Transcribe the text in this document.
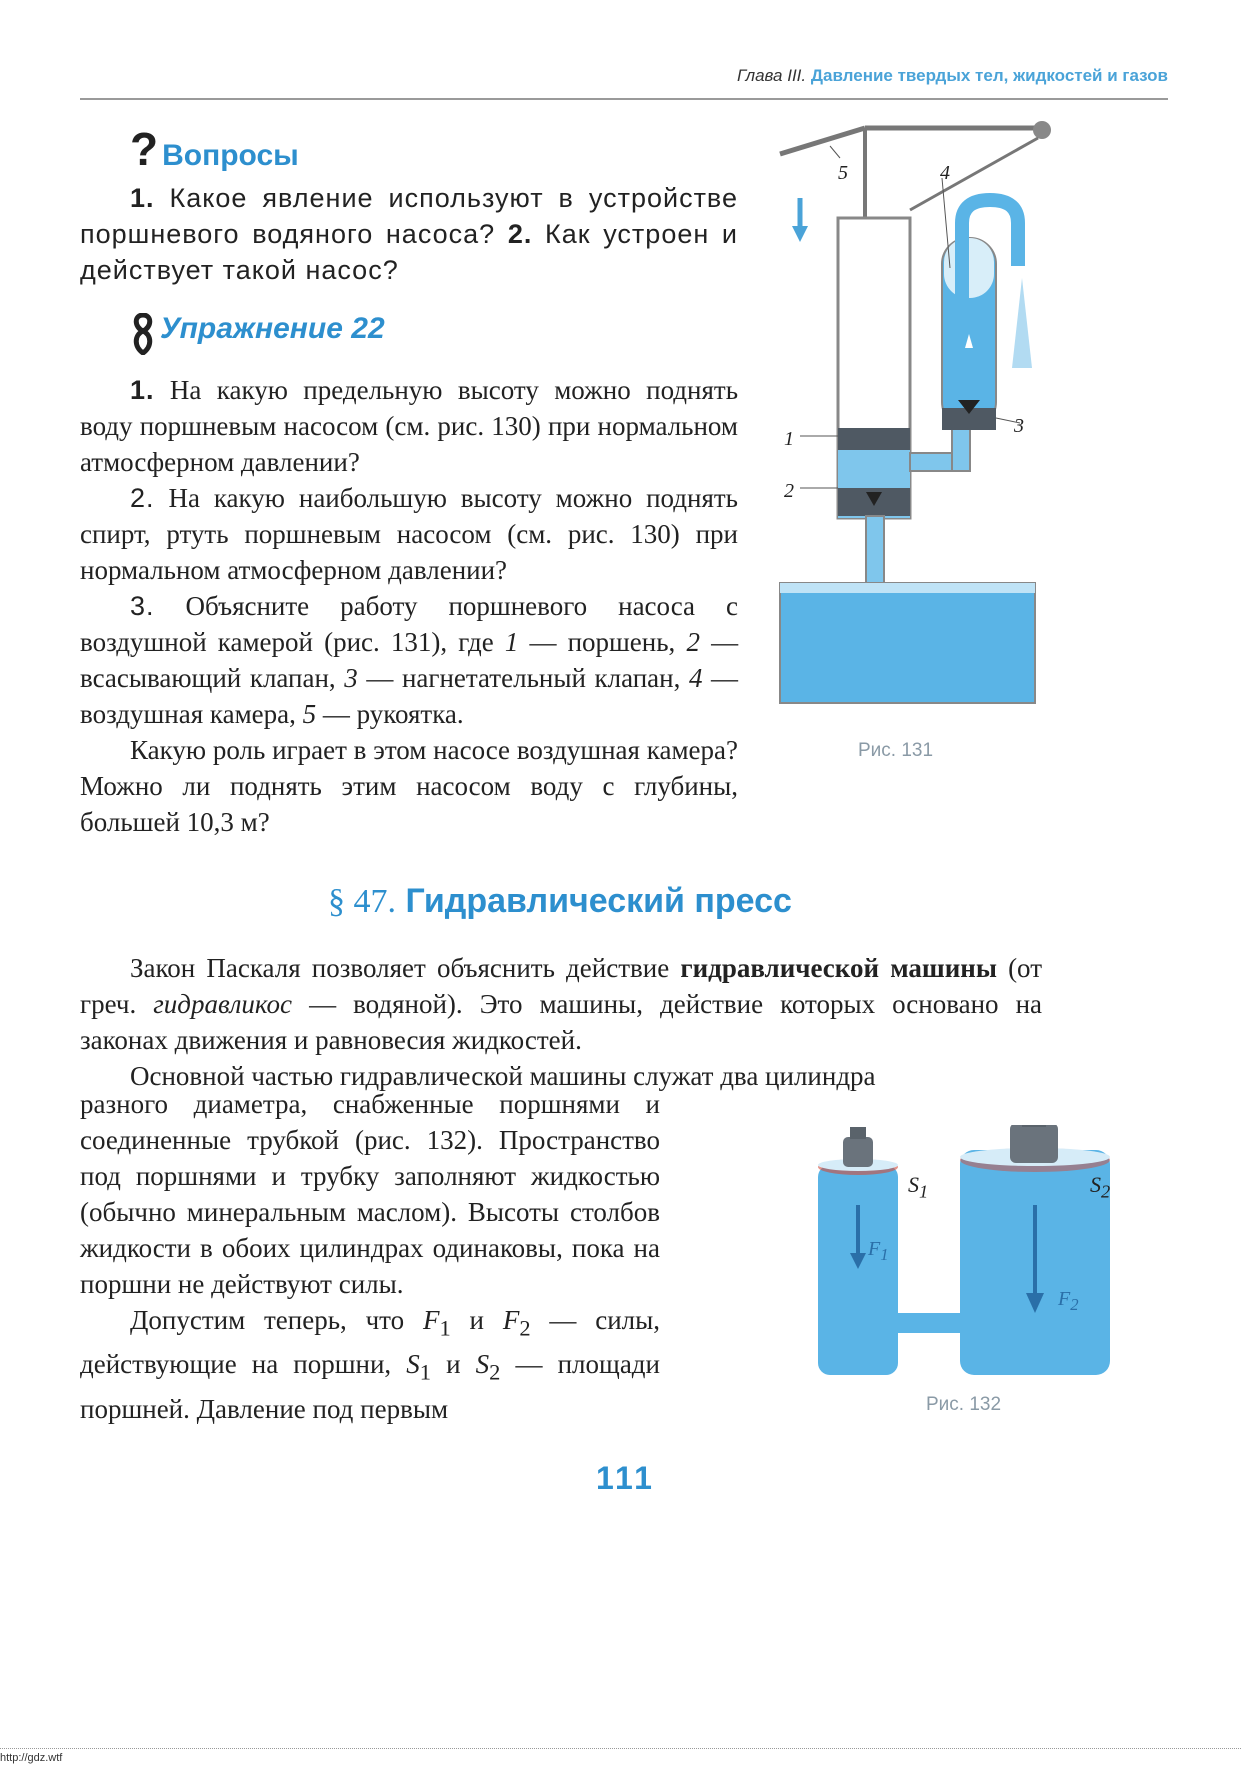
Глава III. Давление твердых тел, жидкостей и газов
? Вопросы
1. Какое явление используют в устройстве поршневого водяного насоса? 2. Как устроен и действует такой насос?
Упражнение 22
1. На какую предельную высоту можно поднять воду поршневым насосом (см. рис. 130) при нормальном атмосферном давлении?
2. На какую наибольшую высоту можно поднять спирт, ртуть поршневым насосом (см. рис. 130) при нормальном атмосферном давлении?
3. Объясните работу поршневого насоса с воздушной камерой (рис. 131), где 1 — поршень, 2 — всасывающий клапан, 3 — нагнетательный клапан, 4 — воздушная камера, 5 — рукоятка.
Какую роль играет в этом насосе воздушная камера? Можно ли поднять этим насосом воду с глубины, большей 10,3 м?
1
2
3
4
5
Рис. 131
§ 47. Гидравлический пресс
Закон Паскаля позволяет объяснить действие гидравлической машины (от греч. гидравликос — водяной). Это машины, действие которых основано на законах движения и равновесия жидкостей.
Основной частью гидравлической машины служат два цилиндра
разного диаметра, снабженные поршнями и соединенные трубкой (рис. 132). Пространство под поршнями и трубку заполняют жидкостью (обычно минеральным маслом). Высоты столбов жидкости в обоих цилиндрах одинаковы, пока на поршни не действуют силы.
Допустим теперь, что $F_1$ и $F_2$ — силы, действующие на поршни, $S_1$ и $S_2$ — площади поршней. Давление под первым
$S_1$	$S_2$
$F_1$
$F_2$
Рис. 132
111
http://gdz.wtf
